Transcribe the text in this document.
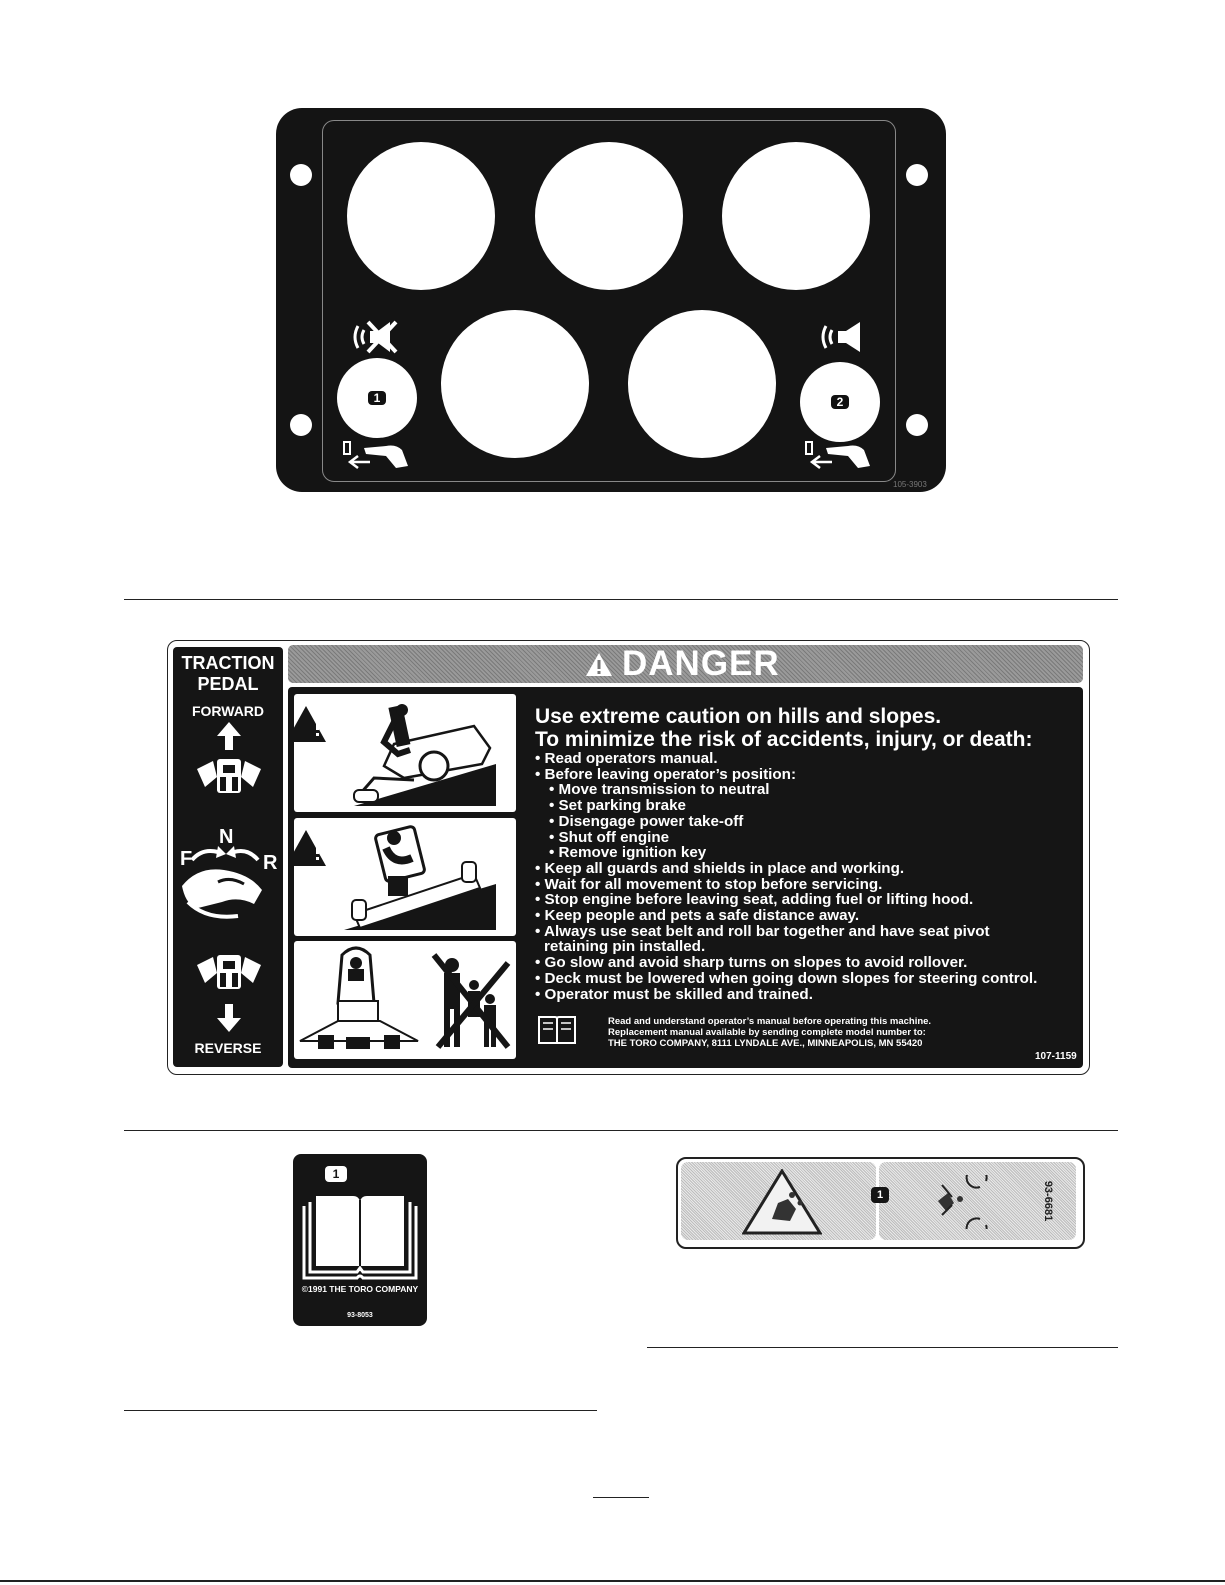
1	2
105-3903
TRACTION
PEDAL
FORWARD
N
F	R
REVERSE
DANGER
Use extreme caution on hills and slopes.
To minimize the risk of accidents, injury, or death:
• Read operators manual.
• Before leaving operator’s position:
• Move transmission to neutral
• Set parking brake
• Disengage power take-off
• Shut off engine
• Remove ignition key
• Keep all guards and shields in place and working.
• Wait for all movement to stop before servicing.
• Stop engine before leaving seat, adding fuel or lifting hood.
• Keep people and pets a safe distance away.
• Always use seat belt and roll bar together and have seat pivot
retaining pin installed.
• Go slow and avoid sharp turns on slopes to avoid rollover.
• Deck must be lowered when going down slopes for steering control.
• Operator must be skilled and trained.
Read and understand operator’s manual before operating this machine.
Replacement manual available by sending complete model number to:
THE TORO COMPANY, 8111 LYNDALE AVE., MINNEAPOLIS, MN 55420
107-1159
1
©1991 THE TORO COMPANY
93-8053
1	93-6681
